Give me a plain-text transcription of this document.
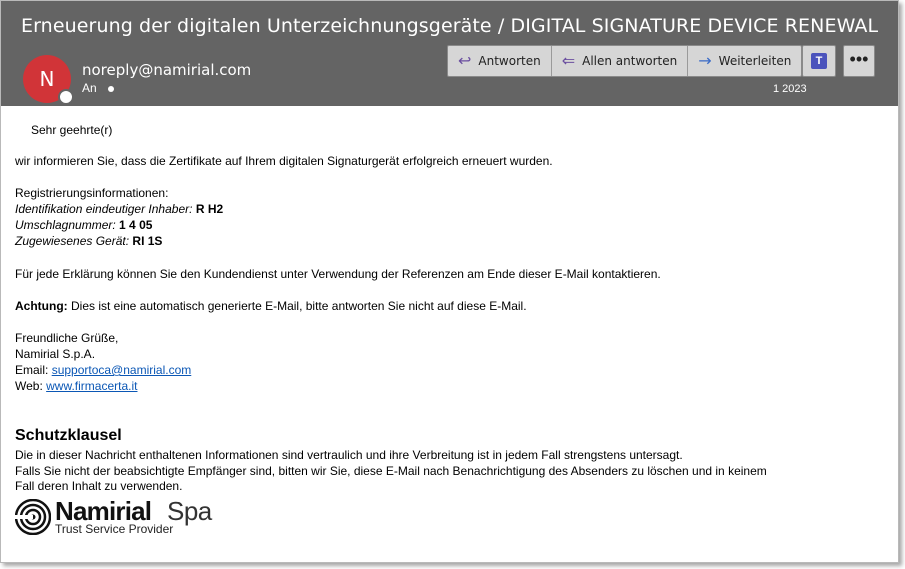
Erneuerung der digitalen Unterzeichnungsgeräte / DIGITAL SIGNATURE DEVICE RENEWAL
N	noreply@namirial.com
An
↩ Antworten ⇐ Allen antworten → Weiterleiten	T	•••
1 2023
Sehr geehrte(r)
wir informieren Sie, dass die Zertifikate auf Ihrem digitalen Signaturgerät erfolgreich erneuert wurden.
Registrierungsinformationen:
Identifikation eindeutiger Inhaber: R H2
Umschlagnummer: 1 4 05
Zugewiesenes Gerät: RI 1S
Für jede Erklärung können Sie den Kundendienst unter Verwendung der Referenzen am Ende dieser E-Mail kontaktieren.
Achtung: Dies ist eine automatisch generierte E-Mail, bitte antworten Sie nicht auf diese E-Mail.
Freundliche Grüße,
Namirial S.p.A.
Email: supportoca@namirial.com
Web: www.firmacerta.it
Schutzklausel
Die in dieser Nachricht enthaltenen Informationen sind vertraulich und ihre Verbreitung ist in jedem Fall strengstens untersagt.
Falls Sie nicht der beabsichtigte Empfänger sind, bitten wir Sie, diese E-Mail nach Benachrichtigung des Absenders zu löschen und in keinem
Fall deren Inhalt zu verwenden.
Namirial Spa
Trust Service Provider
